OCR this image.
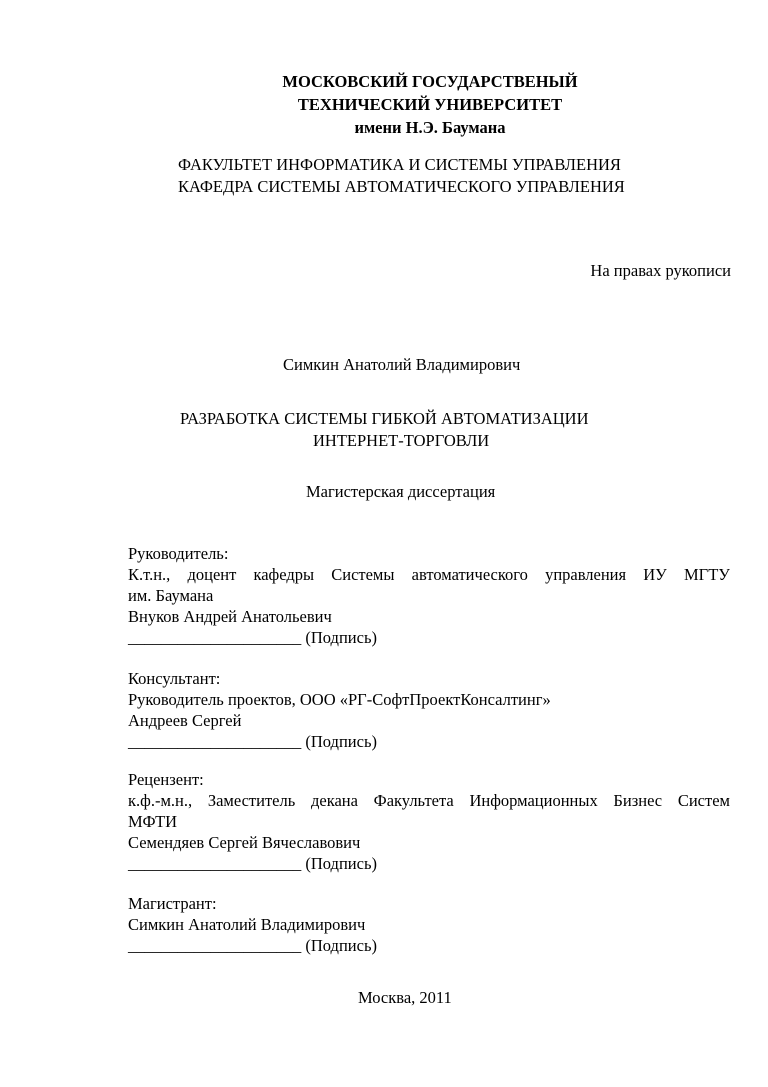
МОСКОВСКИЙ ГОСУДАРСТВЕНЫЙ
ТЕХНИЧЕСКИЙ УНИВЕРСИТЕТ
имени Н.Э. Баумана
ФАКУЛЬТЕТ ИНФОРМАТИКА И СИСТЕМЫ УПРАВЛЕНИЯ
КАФЕДРА СИСТЕМЫ АВТОМАТИЧЕСКОГО УПРАВЛЕНИЯ
На правах рукописи
Симкин Анатолий Владимирович
РАЗРАБОТКА СИСТЕМЫ ГИБКОЙ АВТОМАТИЗАЦИИ
ИНТЕРНЕТ-ТОРГОВЛИ
Магистерская диссертация
Руководитель:
К.т.н., доцент кафедры Системы автоматического управления ИУ МГТУ
им. Баумана
Внуков Андрей Анатольевич
_____________________ (Подпись)
Консультант:
Руководитель проектов, ООО «РГ-СофтПроектКонсалтинг»
Андреев Сергей
_____________________ (Подпись)
Рецензент:
к.ф.-м.н., Заместитель декана Факультета Информационных Бизнес Систем
МФТИ
Семендяев Сергей Вячеславович
_____________________ (Подпись)
Магистрант:
Симкин Анатолий Владимирович
_____________________ (Подпись)
Москва, 2011
